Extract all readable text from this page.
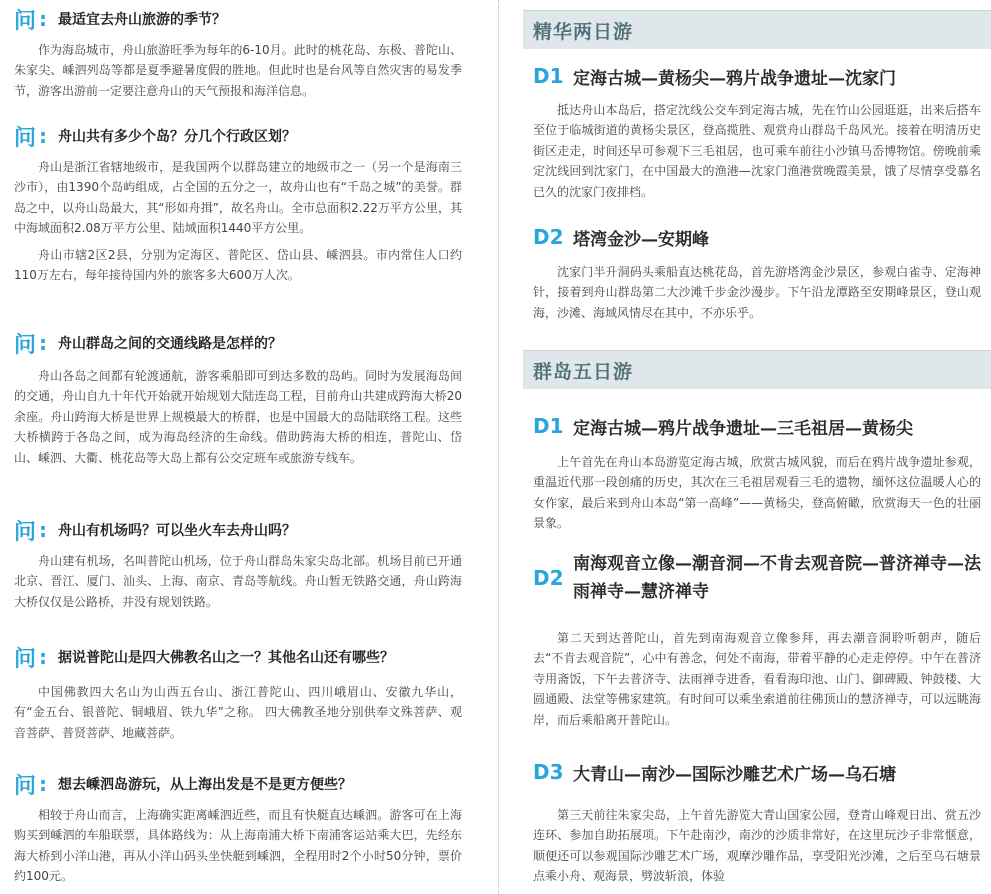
问 : 最适宜去舟山旅游的季节？

作为海岛城市，舟山旅游旺季为每年的6-10月。此时的桃花岛、东极、普陀山、朱家尖、嵊泗列岛等都是夏季避暑度假的胜地。但此时也是台风等自然灾害的易发季节，游客出游前一定要注意舟山的天气预报和海洋信息。

问 : 舟山共有多少个岛？分几个行政区划？

舟山是浙江省辖地级市，是我国两个以群岛建立的地级市之一（另一个是海南三沙市），由1390个岛屿组成，占全国的五分之一，故舟山也有“千岛之城”的美誉。群岛之中，以舟山岛最大，其“形如舟揖”，故名舟山。全市总面积2.22万平方公里，其中海域面积2.08万平方公里、陆域面积1440平方公里。

舟山市辖2区2县，分别为定海区、普陀区、岱山县、嵊泗县。市内常住人口约110万左右，每年接待国内外的旅客多大600万人次。

问 : 舟山群岛之间的交通线路是怎样的？

舟山各岛之间都有轮渡通航，游客乘船即可到达多数的岛屿。同时为发展海岛间的交通，舟山自九十年代开始就开始规划大陆连岛工程，目前舟山共建成跨海大桥20余座。舟山跨海大桥是世界上规模最大的桥群，也是中国最大的岛陆联络工程。这些大桥横跨于各岛之间，成为海岛经济的生命线。借助跨海大桥的相连，普陀山、岱山、嵊泗、大衢、桃花岛等大岛上都有公交定班车或旅游专线车。

问 : 舟山有机场吗？可以坐火车去舟山吗？

舟山建有机场，名叫普陀山机场，位于舟山群岛朱家尖岛北部。机场目前已开通北京、晋江、厦门、汕头、上海、南京、青岛等航线。舟山暂无铁路交通，舟山跨海大桥仅仅是公路桥，并没有规划铁路。

问 : 据说普陀山是四大佛教名山之一？其他名山还有哪些？

中国佛教四大名山为山西五台山、浙江普陀山、四川峨眉山、安徽九华山，有“金五台、银普陀、铜峨眉、铁九华”之称。 四大佛教圣地分别供奉文殊菩萨、观音菩萨、普贤菩萨、地藏菩萨。

问 : 想去嵊泗岛游玩，从上海出发是不是更方便些？

相较于舟山而言，上海确实距离嵊泗近些，而且有快艇直达嵊泗。游客可在上海购买到嵊泗的车船联票，具体路线为：从上海南浦大桥下南浦客运站乘大巴，先经东海大桥到小洋山港，再从小洋山码头坐快艇到嵊泗，全程用时2个小时50分钟，票价约100元。

精华两日游
D1 定海古城—黄杨尖—鸦片战争遗址—沈家门

抵达舟山本岛后，搭定沈线公交车到定海古城，先在竹山公园逛逛，出来后搭车至位于临城街道的黄杨尖景区，登高揽胜、观赏舟山群岛千岛风光。接着在明清历史街区走走，时间还早可参观下三毛祖居，也可乘车前往小沙镇马岙博物馆。傍晚前乘定沈线回到沈家门，在中国最大的渔港—沈家门渔港赏晚霞美景，饿了尽情享受慕名已久的沈家门夜排档。

D2 塔湾金沙—安期峰

沈家门半升洞码头乘船直达桃花岛，首先游塔湾金沙景区，参观白雀寺、定海神针，接着到舟山群岛第二大沙滩千步金沙漫步。下午沿龙潭路至安期峰景区，登山观海，沙滩、海域风情尽在其中，不亦乐乎。

群岛五日游
D1 定海古城—鸦片战争遗址—三毛祖居—黄杨尖

上午首先在舟山本岛游览定海古城，欣赏古城风貌，而后在鸦片战争遗址参观，重温近代那一段创痛的历史，其次在三毛祖居观看三毛的遗物，缅怀这位温暖人心的女作家，最后来到舟山本岛“第一高峰”——黄杨尖，登高俯瞰，欣赏海天一色的壮丽景象。

D2
南海观音立像—潮音洞—不肯去观音院—普济禅寺—法雨禅寺—慧济禅寺

第二天到达普陀山，首先到南海观音立像参拜，再去潮音洞聆听朝声，随后去“不肯去观音院”，心中有善念，何处不南海，带着平静的心走走停停。中午在普济寺用斋饭，下午去普济寺、法雨禅寺进香，看看海印池、山门、御碑殿、钟鼓楼、大圆通殿、法堂等佛家建筑。有时间可以乘坐索道前往佛顶山的慧济禅寺，可以远眺海岸，而后乘船离开普陀山。

D3 大青山—南沙—国际沙雕艺术广场—乌石塘

第三天前往朱家尖岛，上午首先游览大青山国家公园，登青山峰观日出、赏五沙连环、参加自助拓展项。下午赴南沙，南沙的沙质非常好，在这里玩沙子非常惬意，顺便还可以参观国际沙雕艺术广场，观摩沙雕作品，享受阳光沙滩，之后至乌石塘景点乘小舟、观海景，劈波斩浪，体验
